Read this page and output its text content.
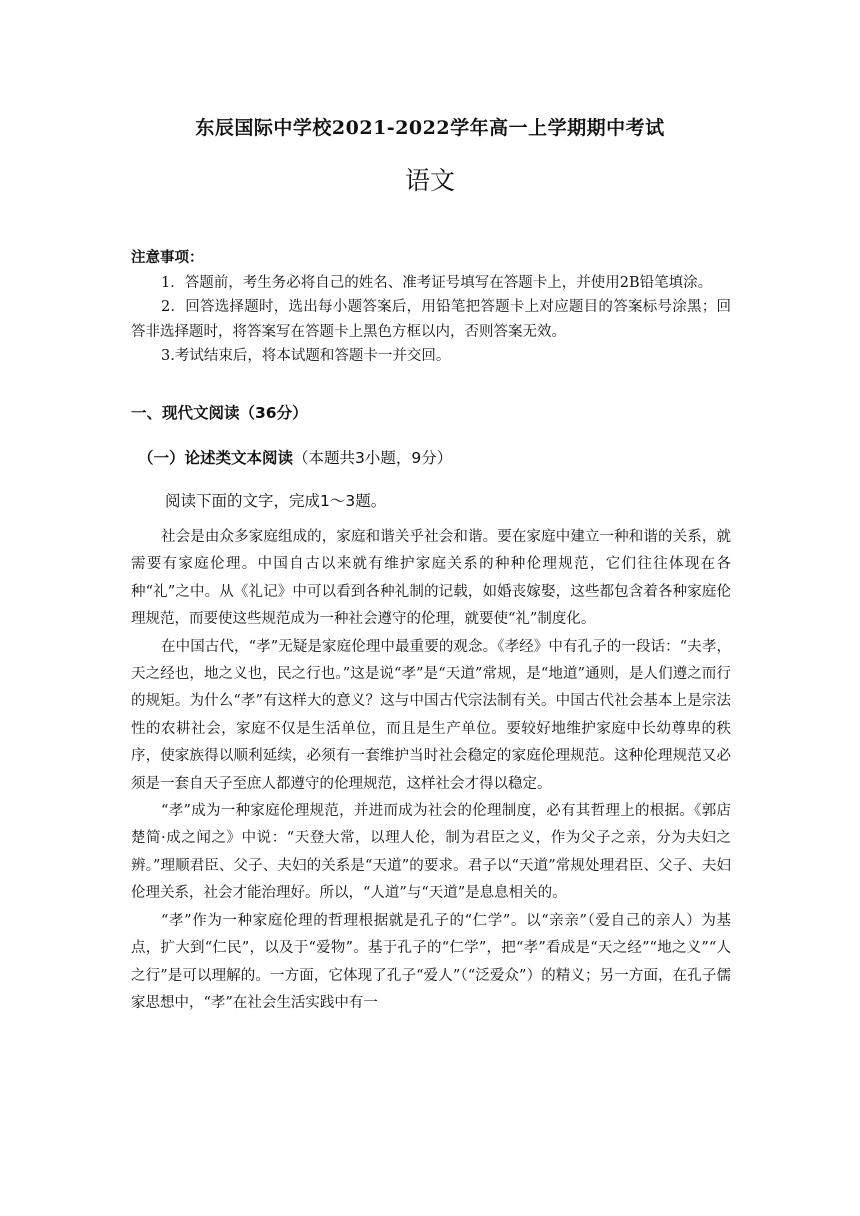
东辰国际中学校2021-2022学年高一上学期期中考试
语文
注意事项：
1．答题前，考生务必将自己的姓名、准考证号填写在答题卡上，并使用2B铅笔填涂。
2．回答选择题时，选出每小题答案后，用铅笔把答题卡上对应题目的答案标号涂黑；回答非选择题时，将答案写在答题卡上黑色方框以内，否则答案无效。
3.考试结束后，将本试题和答题卡一并交回。
一、现代文阅读（36分）
（一）论述类文本阅读（本题共3小题，9分）
阅读下面的文字，完成1～3题。

社会是由众多家庭组成的，家庭和谐关乎社会和谐。要在家庭中建立一种和谐的关系，就需要有家庭伦理。中国自古以来就有维护家庭关系的种种伦理规范，它们往往体现在各种“礼”之中。从《礼记》中可以看到各种礼制的记载，如婚丧嫁娶，这些都包含着各种家庭伦理规范，而要使这些规范成为一种社会遵守的伦理，就要使“礼”制度化。

在中国古代，“孝”无疑是家庭伦理中最重要的观念。《孝经》中有孔子的一段话：“夫孝，天之经也，地之义也，民之行也。”这是说“孝”是“天道”常规，是“地道”通则，是人们遵之而行的规矩。为什么“孝”有这样大的意义？这与中国古代宗法制有关。中国古代社会基本上是宗法性的农耕社会，家庭不仅是生活单位，而且是生产单位。要较好地维护家庭中长幼尊卑的秩序，使家族得以顺利延续，必须有一套维护当时社会稳定的家庭伦理规范。这种伦理规范又必须是一套自天子至庶人都遵守的伦理规范，这样社会才得以稳定。

“孝”成为一种家庭伦理规范，并进而成为社会的伦理制度，必有其哲理上的根据。《郭店楚简·成之闻之》中说：“天登大常，以理人伦，制为君臣之义，作为父子之亲，分为夫妇之辨。”理顺君臣、父子、夫妇的关系是“天道”的要求。君子以“天道”常规处理君臣、父子、夫妇伦理关系，社会才能治理好。所以，“人道”与“天道”是息息相关的。

“孝”作为一种家庭伦理的哲理根据就是孔子的“仁学”。以“亲亲”（爱自己的亲人）为基点，扩大到“仁民”，以及于“爱物”。基于孔子的“仁学”，把“孝”看成是“天之经”“地之义”“人之行”是可以理解的。一方面，它体现了孔子“爱人”（“泛爱众”）的精义；另一方面，在孔子儒家思想中，“孝”在社会生活实践中有一
